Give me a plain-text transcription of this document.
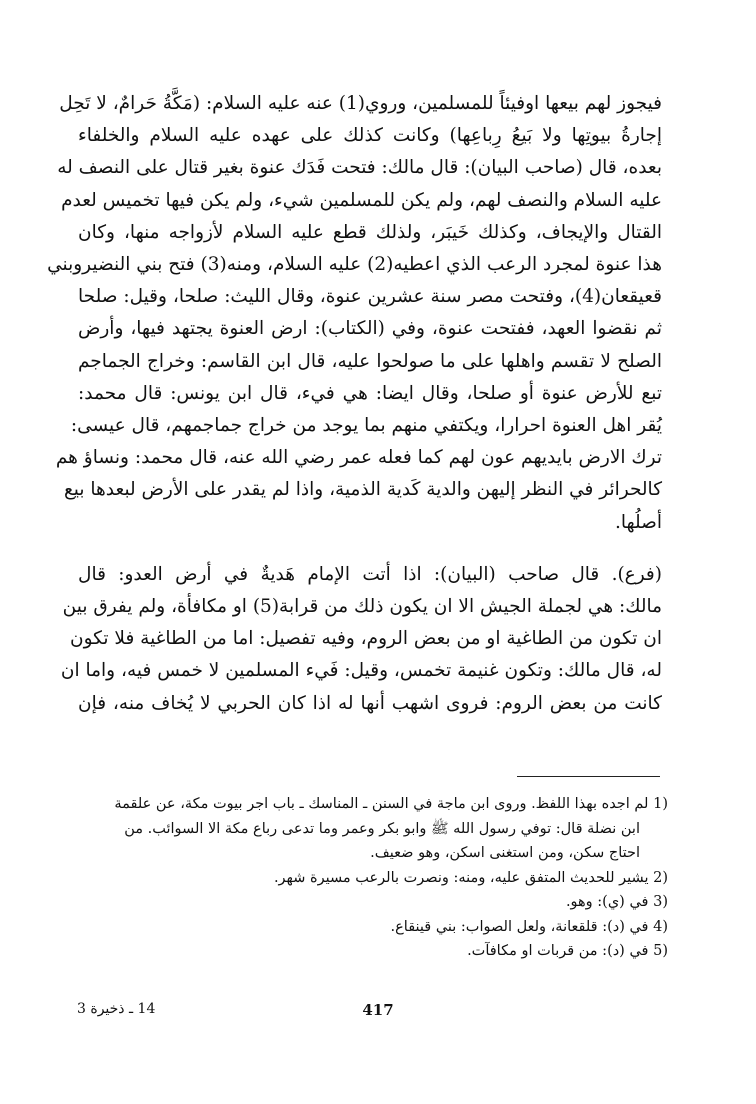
فيجوز لهم بيعها اوفيئاً للمسلمين، وروي(1) عنه عليه السلام: (مَكَّةُ حَرامٌ، لا تَحِل
إجارةُ بيوتِها ولا بَيعُ رِباعِها) وكانت كذلك على عهده عليه السلام والخلفاء
بعده، قال (صاحب البيان): قال مالك: فتحت فَدَك عنوة بغير قتال على النصف له
عليه السلام والنصف لهم، ولم يكن للمسلمين شيء، ولم يكن فيها تخميس لعدم
القتال والإيجاف، وكذلك خَيبَر، ولذلك قطع عليه السلام لأزواجه منها، وكان
هذا عنوة لمجرد الرعب الذي اعطيه(2) عليه السلام، ومنه(3) فتح بني النضيروبني
قعيقعان(4)، وفتحت مصر سنة عشرين عنوة، وقال الليث: صلحا، وقيل: صلحا
ثم نقضوا العهد، ففتحت عنوة، وفي (الكتاب): ارض العنوة يجتهد فيها، وأرض
الصلح لا تقسم واهلها على ما صولحوا عليه، قال ابن القاسم: وخراج الجماجم
تبع للأرض عنوة أو صلحا، وقال ايضا: هي فيء، قال ابن يونس: قال محمد:
يُقر اهل العنوة احرارا، ويكتفي منهم بما يوجد من خراج جماجمهم، قال عيسى:
ترك الارض بايديهم عون لهم كما فعله عمر رضي الله عنه، قال محمد: ونساؤ هم
كالحرائر في النظر إليهن والدية كَدية الذمية، واذا لم يقدر على الأرض لبعدها بيع
أصلُها.

(فرع). قال صاحب (البيان): اذا أتت الإمام هَديةٌ في أرض العدو: قال
مالك: هي لجملة الجيش الا ان يكون ذلك من قرابة(5) او مكافأة، ولم يفرق بين
ان تكون من الطاغية او من بعض الروم، وفيه تفصيل: اما من الطاغية فلا تكون
له، قال مالك: وتكون غنيمة تخمس، وقيل: فَيء المسلمين لا خمس فيه، واما ان
كانت من بعض الروم: فروى اشهب أنها له اذا كان الحربي لا يُخاف منه، فإن

(1 لم اجده بهذا اللفظ. وروى ابن ماجة في السنن ـ المناسك ـ باب اجر بيوت مكة، عن علقمة
ابن نضلة قال: توفي رسول الله ﷺ وابو بكر وعمر وما تدعى رباع مكة الا السوائب. من
احتاج سكن، ومن استغنى اسكن، وهو ضعيف.
(2 يشير للحديث المتفق عليه، ومنه: ونصرت بالرعب مسيرة شهر.
(3 في (ي): وهو.
(4 في (د): قلقعانة، ولعل الصواب: بني قينقاع.
(5 في (د): من قربات او مكافآت.
417
14 ـ ذخيرة 3
